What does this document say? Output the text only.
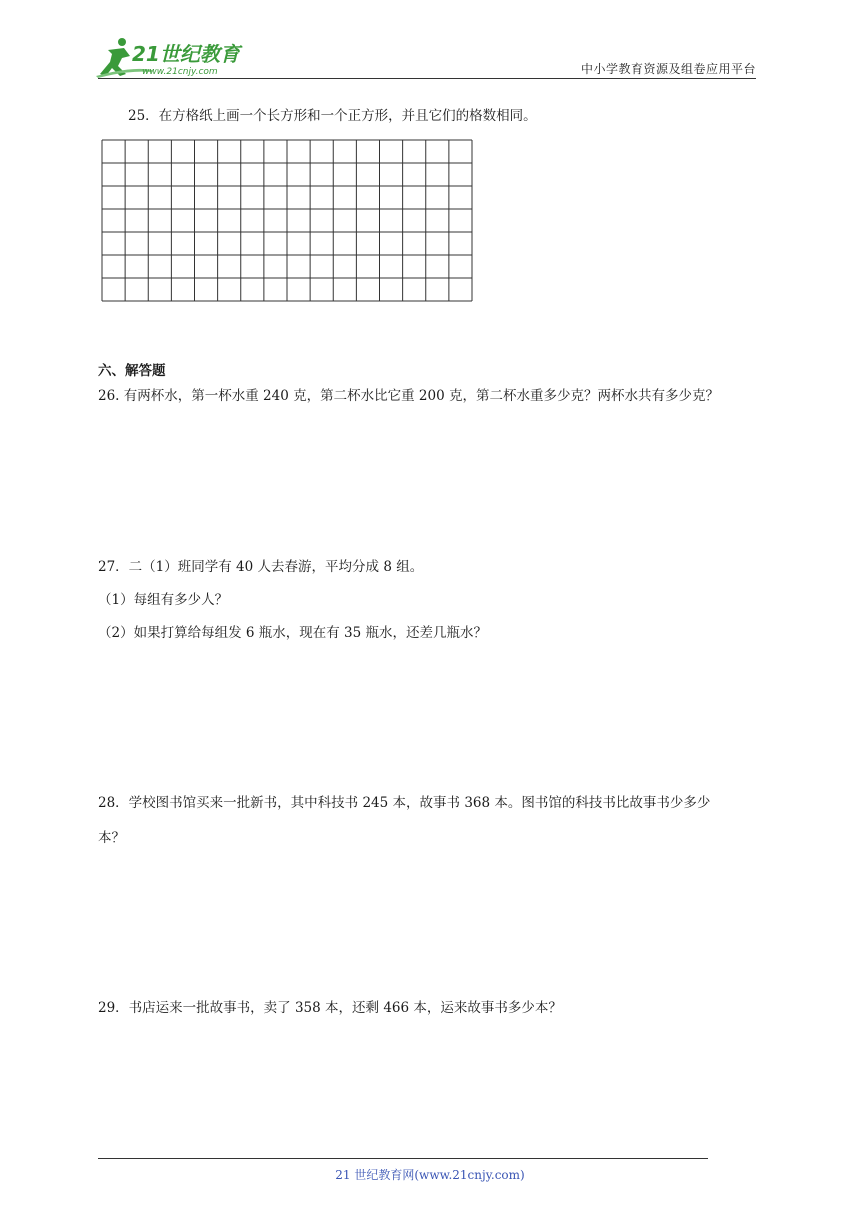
21世纪教育
www.21cnjy.com	中小学教育资源及组卷应用平台
25．在方格纸上画一个长方形和一个正方形，并且它们的格数相同。
六、解答题
26. 有两杯水，第一杯水重 240 克，第二杯水比它重 200 克，第二杯水重多少克？两杯水共有多少克？
27．二（1）班同学有 40 人去春游，平均分成 8 组。
（1）每组有多少人？
（2）如果打算给每组发 6 瓶水，现在有 35 瓶水，还差几瓶水？
28．学校图书馆买来一批新书，其中科技书 245 本，故事书 368 本。图书馆的科技书比故事书少多少
本？
29．书店运来一批故事书，卖了 358 本，还剩 466 本，运来故事书多少本？
21 世纪教育网(www.21cnjy.com)
